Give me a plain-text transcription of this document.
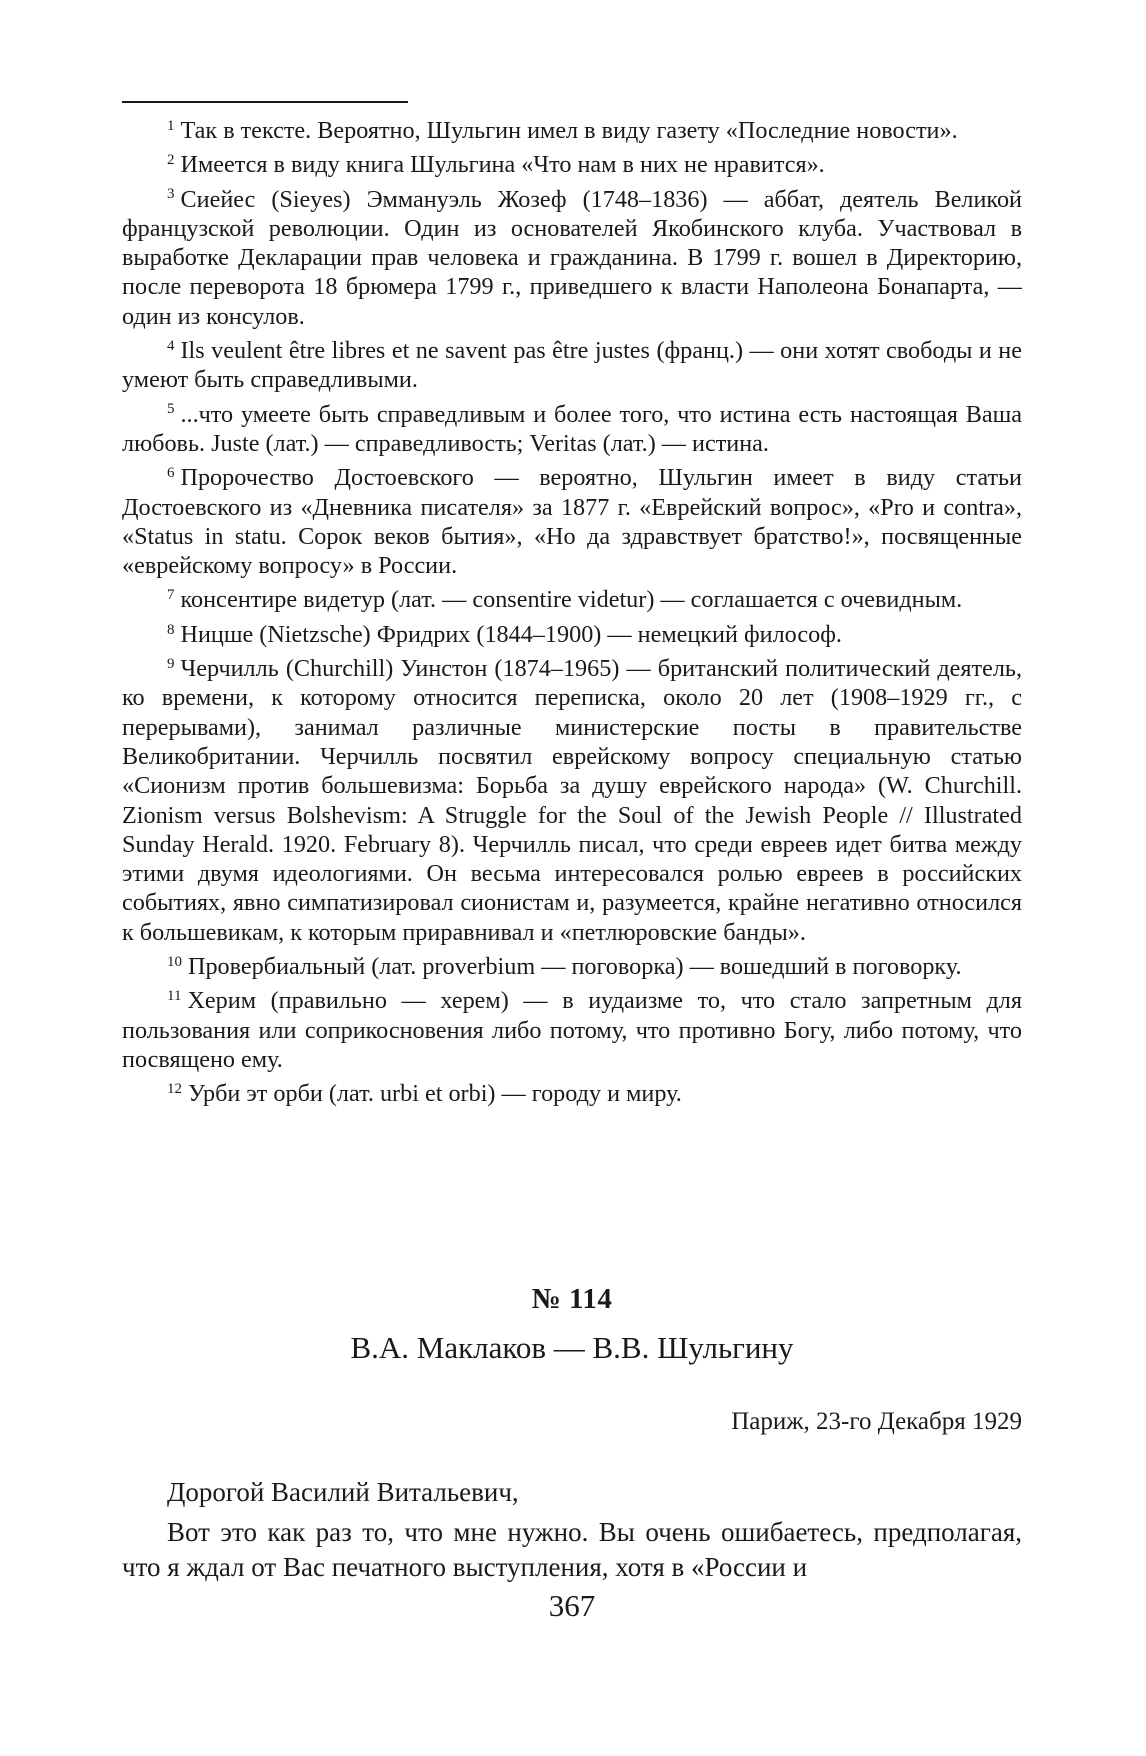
$^1$ Так в тексте. Вероятно, Шульгин имел в виду газету «Последние новости».

$^2$ Имеется в виду книга Шульгина «Что нам в них не нравится».

$^3$ Сиейес (Sieyes) Эммануэль Жозеф (1748–1836) — аббат, деятель Великой французской революции. Один из основателей Якобинского клуба. Участвовал в выработке Декларации прав человека и гражданина. В 1799 г. вошел в Директорию, после переворота 18 брюмера 1799 г., приведшего к власти Наполеона Бонапарта, — один из консулов.

$^4$ Ils veulent être libres et ne savent pas être justes (франц.) — они хотят свободы и не умеют быть справедливыми.

$^5$ ...что умеете быть справедливым и более того, что истина есть настоящая Ваша любовь. Juste (лат.) — справедливость; Veritas (лат.) — истина.

$^6$ Пророчество Достоевского — вероятно, Шульгин имеет в виду статьи Достоевского из «Дневника писателя» за 1877 г. «Еврейский вопрос», «Pro и contra», «Status in statu. Сорок веков бытия», «Но да здравствует братство!», посвященные «еврейскому вопросу» в России.

$^7$ консентире видетур (лат. — consentire videtur) — соглашается с очевидным.

$^8$ Ницше (Nietzsche) Фридрих (1844–1900) — немецкий философ.

$^9$ Черчилль (Churchill) Уинстон (1874–1965) — британский политический деятель, ко времени, к которому относится переписка, около 20 лет (1908–1929 гг., с перерывами), занимал различные министерские посты в правительстве Великобритании. Черчилль посвятил еврейскому вопросу специальную статью «Сионизм против большевизма: Борьба за душу еврейского народа» (W. Churchill. Zionism versus Bolshevism: A Struggle for the Soul of the Jewish People // Illustrated Sunday Herald. 1920. February 8). Черчилль писал, что среди евреев идет битва между этими двумя идеологиями. Он весьма интересовался ролью евреев в российских событиях, явно симпатизировал сионистам и, разумеется, крайне негативно относился к большевикам, к которым приравнивал и «петлюровские банды».

$^{10}$ Провербиальный (лат. proverbium — поговорка) — вошедший в поговорку.

$^{11}$ Херим (правильно — херем) — в иудаизме то, что стало запретным для пользования или соприкосновения либо потому, что противно Богу, либо потому, что посвящено ему.

$^{12}$ Урби эт орби (лат. urbi et orbi) — городу и миру.

№ 114
В.А. Маклаков — В.В. Шульгину
Париж, 23-го Декабря 1929

Дорогой Василий Витальевич,

Вот это как раз то, что мне нужно. Вы очень ошибаетесь, предполагая, что я ждал от Вас печатного выступления, хотя в «России и

367
